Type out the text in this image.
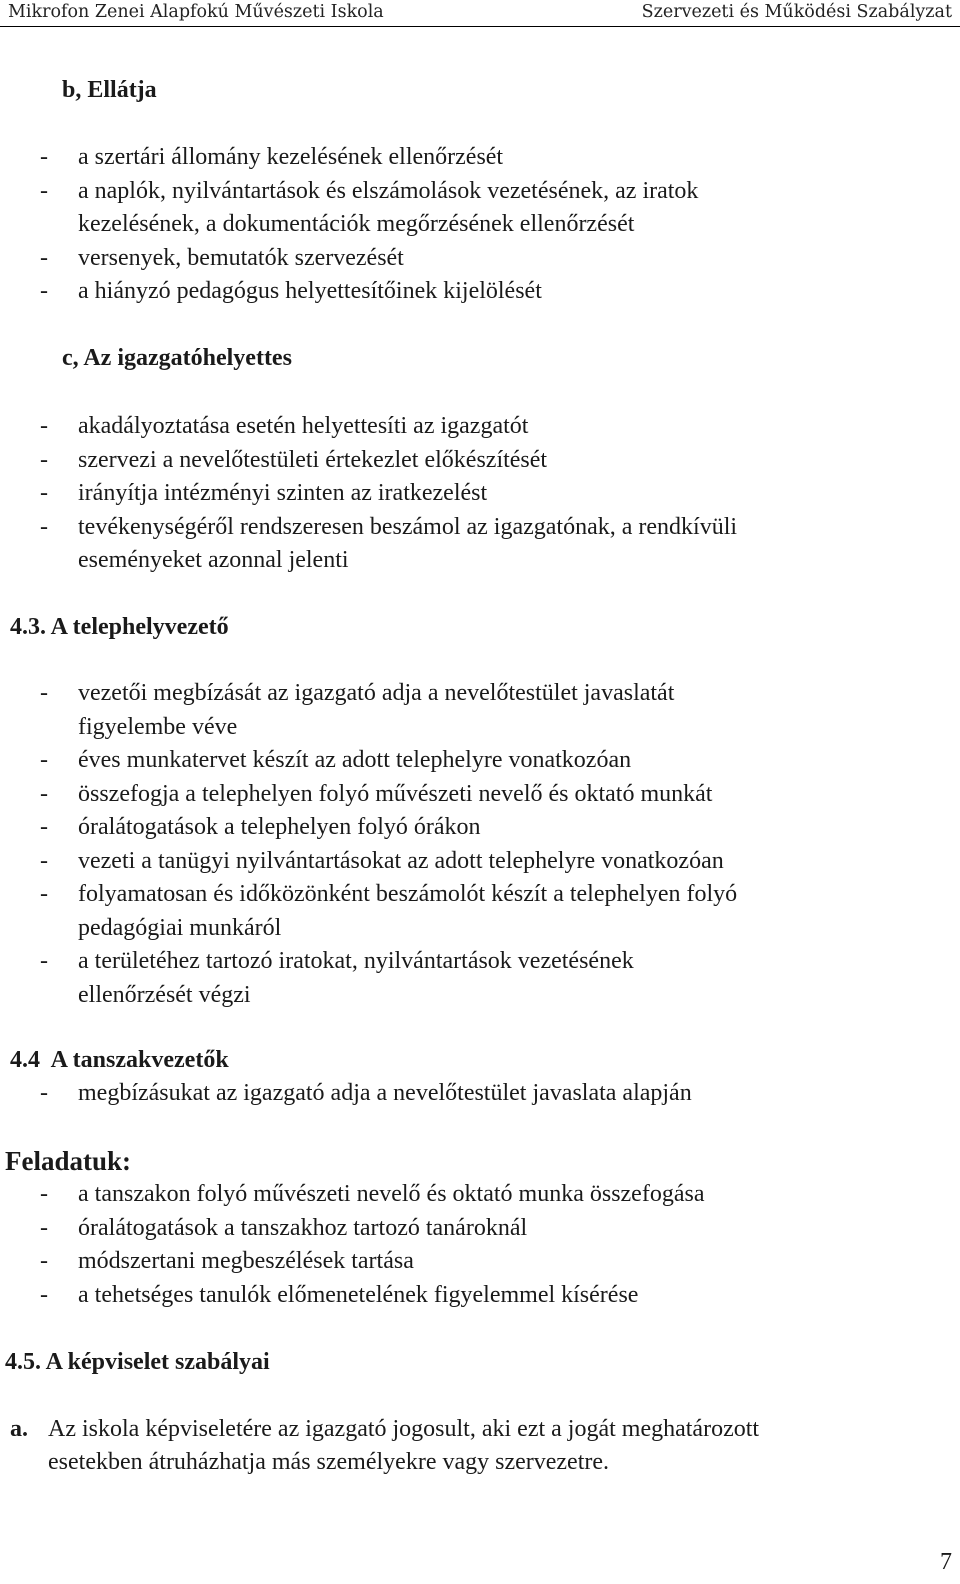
Mikrofon Zenei Alapfokú Művészeti Iskola	Szervezeti és Működési Szabályzat
b, Ellátja
- a szertári állomány kezelésének ellenőrzését
- a naplók, nyilvántartások és elszámolások vezetésének, az iratok
kezelésének, a dokumentációk megőrzésének ellenőrzését
- versenyek, bemutatók szervezését
- a hiányzó pedagógus helyettesítőinek kijelölését
c, Az igazgatóhelyettes
- akadályoztatása esetén helyettesíti az igazgatót
- szervezi a nevelőtestületi értekezlet előkészítését
- irányítja intézményi szinten az iratkezelést
- tevékenységéről rendszeresen beszámol az igazgatónak, a rendkívüli
eseményeket azonnal jelenti
4.3. A telephelyvezető
- vezetői megbízását az igazgató adja a nevelőtestület javaslatát
figyelembe véve
- éves munkatervet készít az adott telephelyre vonatkozóan
- összefogja a telephelyen folyó művészeti nevelő és oktató munkát
- óralátogatások a telephelyen folyó órákon
- vezeti a tanügyi nyilvántartásokat az adott telephelyre vonatkozóan
- folyamatosan és időközönként beszámolót készít a telephelyen folyó
pedagógiai munkáról
- a területéhez tartozó iratokat, nyilvántartások vezetésének
ellenőrzését végzi
4.4  A tanszakvezetők
- megbízásukat az igazgató adja a nevelőtestület javaslata alapján
Feladatuk:
- a tanszakon folyó művészeti nevelő és oktató munka összefogása
- óralátogatások a tanszakhoz tartozó tanároknál
- módszertani megbeszélések tartása
- a tehetséges tanulók előmenetelének figyelemmel kísérése
4.5. A képviselet szabályai
a. Az iskola képviseletére az igazgató jogosult, aki ezt a jogát meghatározott
esetekben átruházhatja más személyekre vagy szervezetre.
7
